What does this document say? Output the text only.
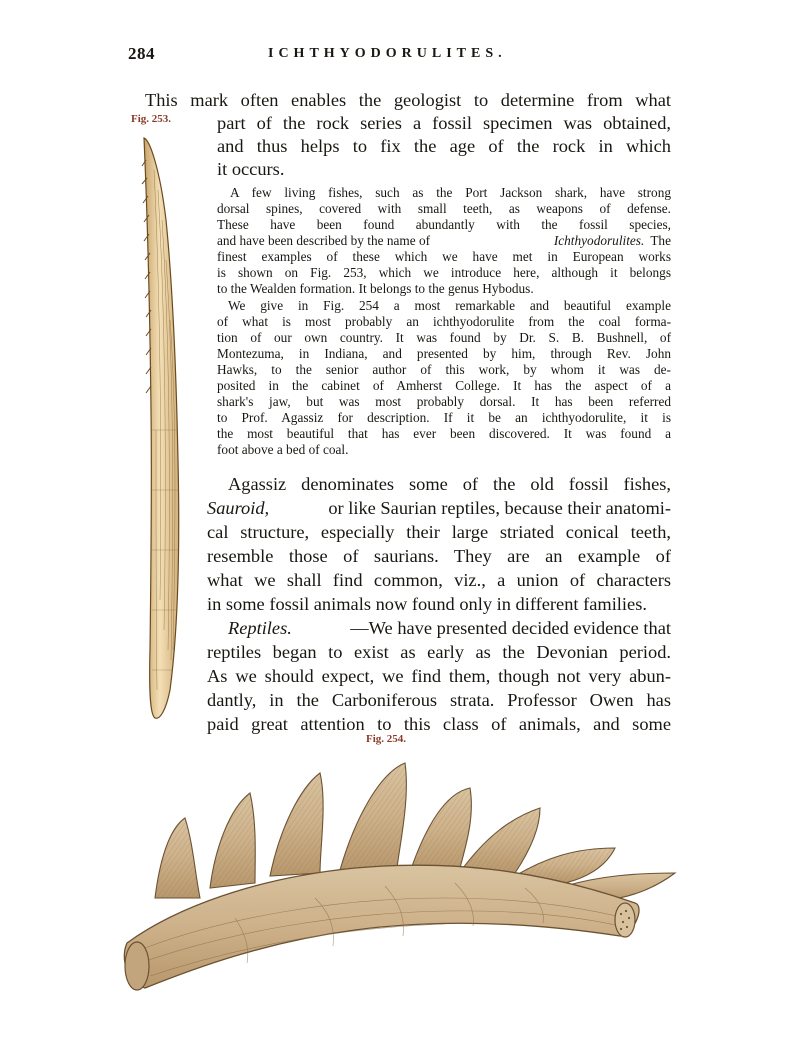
284	ICHTHYODORULITES.
Fig. 253.
This mark often enables the geologist to determine from what
part of the rock series a fossil specimen was obtained,
and thus helps to fix the age of the rock in which
it occurs.
A few living fishes, such as the Port Jackson shark, have strong
dorsal spines, covered with small teeth, as weapons of defense.
These have been found abundantly with the fossil species,
and have been described by the name of	Ichthyodorulites. The
finest examples of these which we have met in European works
is shown on Fig. 253, which we introduce here, although it belongs
to the Wealden formation. It belongs to the genus Hybodus.
We give in Fig. 254 a most remarkable and beautiful example
of what is most probably an ichthyodorulite from the coal forma-
tion of our own country. It was found by Dr. S. B. Bushnell, of
Montezuma, in Indiana, and presented by him, through Rev. John
Hawks, to the senior author of this work, by whom it was de-
posited in the cabinet of Amherst College. It has the aspect of a
shark's jaw, but was most probably dorsal. It has been referred
to Prof. Agassiz for description. If it be an ichthyodorulite, it is
the most beautiful that has ever been discovered. It was found a
foot above a bed of coal.
Agassiz denominates some of the old fossil fishes,
Sauroid,	or like Saurian reptiles, because their anatomi-
cal structure, especially their large striated conical teeth,
resemble those of saurians. They are an example of
what we shall find common, viz., a union of characters
in some fossil animals now found only in different families.
Reptiles.	—We have presented decided evidence that
reptiles began to exist as early as the Devonian period.
As we should expect, we find them, though not very abun-
dantly, in the Carboniferous strata. Professor Owen has
paid great attention to this class of animals, and some
Fig. 254.
